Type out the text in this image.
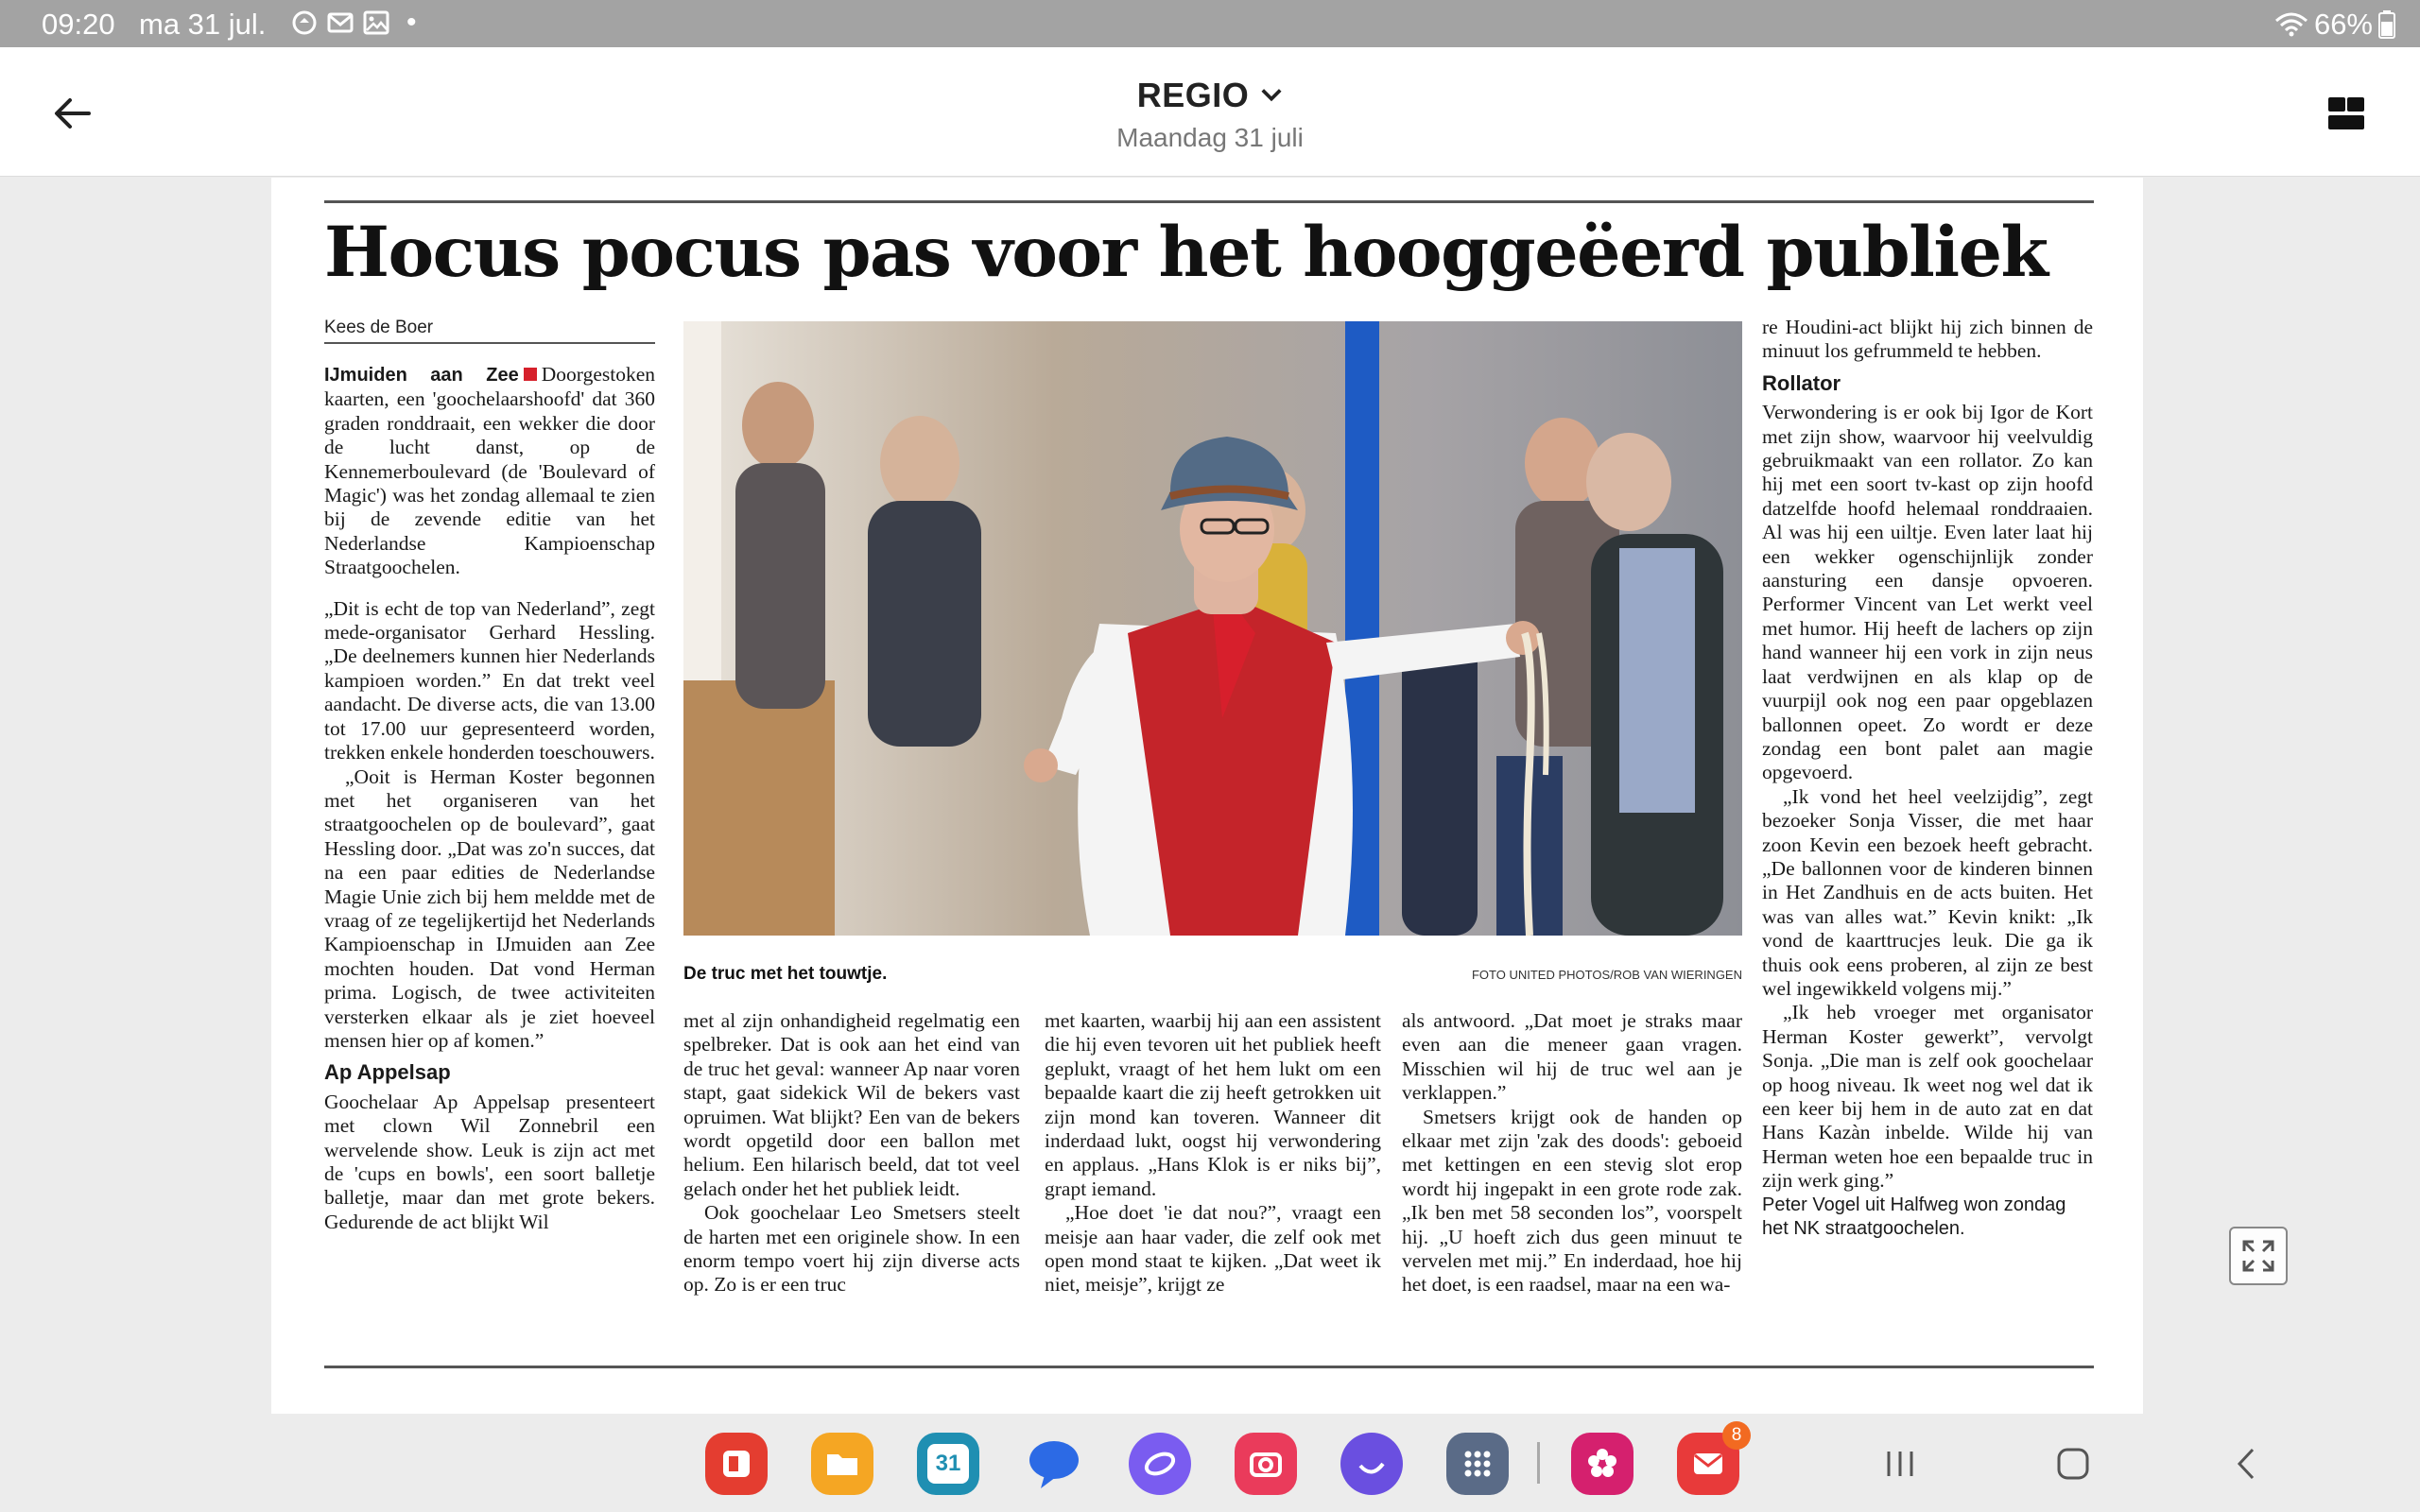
09:20 ma 31 jul.	•	66%
REGIO
Maandag 31 juli
Hocus pocus pas voor het hooggeëerd publiek
Kees de Boer

IJmuiden aan Zee Doorgestoken kaarten, een 'goochelaarshoofd' dat 360 graden ronddraait, een wekker die door de lucht danst, op de Kennemerboulevard (de 'Boulevard of Magic') was het zondag allemaal te zien bij de zevende editie van het Nederlandse Kampioenschap Straatgoochelen.

„Dit is echt de top van Nederland”, zegt mede-organisator Gerhard Hessling. „De deelnemers kunnen hier Nederlands kampioen worden.” En dat trekt veel aandacht. De diverse acts, die van 13.00 tot 17.00 uur gepresenteerd worden, trekken enkele honderden toeschouwers.

„Ooit is Herman Koster begonnen met het organiseren van het straatgoochelen op de boulevard”, gaat Hessling door. „Dat was zo'n succes, dat na een paar edities de Nederlandse Magie Unie zich bij hem meldde met de vraag of ze tegelijkertijd het Nederlands Kampioenschap in IJmuiden aan Zee mochten houden. Dat vond Herman prima. Logisch, de twee activiteiten versterken elkaar als je ziet hoeveel mensen hier op af komen.”

Ap Appelsap

Goochelaar Ap Appelsap presenteert met clown Wil Zonnebril een wervelende show. Leuk is zijn act met de 'cups en bowls', een soort balletje balletje, maar dan met grote bekers. Gedurende de act blijkt Wil

De truc met het touwtje.	FOTO UNITED PHOTOS/ROB VAN WIERINGEN

met al zijn onhandigheid regelmatig een spelbreker. Dat is ook aan het eind van de truc het geval: wanneer Ap naar voren stapt, gaat sidekick Wil de bekers vast opruimen. Wat blijkt? Een van de bekers wordt opgetild door een ballon met helium. Een hilarisch beeld, dat tot veel gelach onder het het publiek leidt.

Ook goochelaar Leo Smetsers steelt de harten met een originele show. In een enorm tempo voert hij zijn diverse acts op. Zo is er een truc

met kaarten, waarbij hij aan een assistent die hij even tevoren uit het publiek heeft geplukt, vraagt of het hem lukt om een bepaalde kaart die zij heeft getrokken uit zijn mond kan toveren. Wanneer dit inderdaad lukt, oogst hij verwondering en applaus. „Hans Klok is er niks bij”, grapt iemand.

„Hoe doet 'ie dat nou?”, vraagt een meisje aan haar vader, die zelf ook met open mond staat te kijken. „Dat weet ik niet, meisje”, krijgt ze

als antwoord. „Dat moet je straks maar even aan die meneer gaan vragen. Misschien wil hij de truc wel aan je verklappen.”

Smetsers krijgt ook de handen op elkaar met zijn 'zak des doods': geboeid met kettingen en een stevig slot erop wordt hij ingepakt in een grote rode zak. „Ik ben met 58 seconden los”, voorspelt hij. „U hoeft zich dus geen minuut te vervelen met mij.” En inderdaad, hoe hij het doet, is een raadsel, maar na een wa-

re Houdini-act blijkt hij zich binnen de minuut los gefrummeld te hebben.

Rollator

Verwondering is er ook bij Igor de Kort met zijn show, waarvoor hij veelvuldig gebruikmaakt van een rollator. Zo kan hij met een soort tv-kast op zijn hoofd datzelfde hoofd helemaal ronddraaien. Al was hij een uiltje. Even later laat hij een wekker ogenschijnlijk zonder aansturing een dansje opvoeren. Performer Vincent van Let werkt veel met humor. Hij heeft de lachers op zijn hand wanneer hij een vork in zijn neus laat verdwijnen en als klap op de vuurpijl ook nog een paar opgeblazen ballonnen opeet. Zo wordt er deze zondag een bont palet aan magie opgevoerd.

„Ik vond het heel veelzijdig”, zegt bezoeker Sonja Visser, die met haar zoon Kevin een bezoek heeft gebracht. „De ballonnen voor de kinderen binnen in Het Zandhuis en de acts buiten. Het was van alles wat.” Kevin knikt: „Ik vond de kaarttrucjes leuk. Die ga ik thuis ook eens proberen, al zijn ze best wel ingewikkeld volgens mij.”

„Ik heb vroeger met organisator Herman Koster gewerkt”, vervolgt Sonja. „Die man is zelf ook goochelaar op hoog niveau. Ik weet nog wel dat ik een keer bij hem in de auto zat en dat Hans Kazàn inbelde. Wilde hij van Herman weten hoe een bepaalde truc in zijn werk ging.”

Peter Vogel uit Halfweg won zondag het NK straatgoochelen.

31
8
